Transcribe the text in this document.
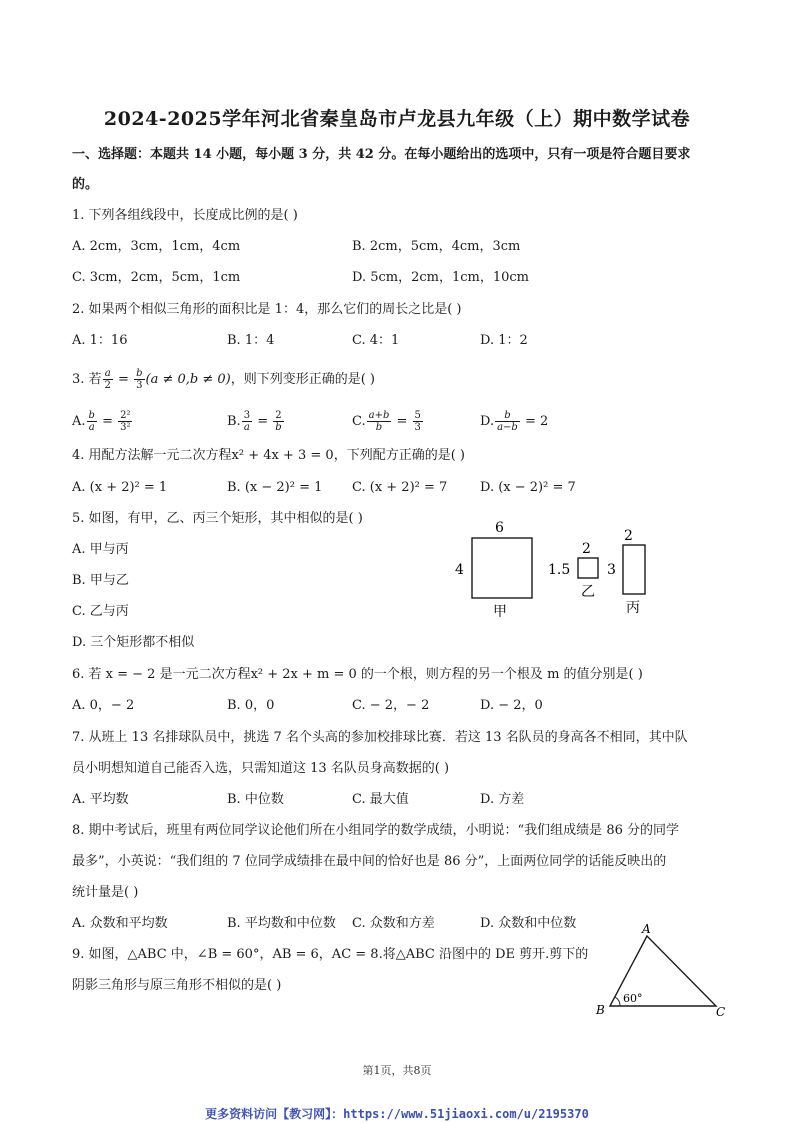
2024-2025学年河北省秦皇岛市卢龙县九年级（上）期中数学试卷
一、选择题：本题共 14 小题，每小题 3 分，共 42 分。在每小题给出的选项中，只有一项是符合题目要求
的。
1. 下列各组线段中，长度成比例的是( )
A. 2cm，3cm，1cm，4cm	B. 2cm，5cm，4cm，3cm
C. 3cm，2cm，5cm，1cm	D. 5cm，2cm，1cm，10cm
2. 如果两个相似三角形的面积比是 1：4，那么它们的周长之比是( )
A. 1：16	B. 1：4	C. 4：1	D. 1：2
3. 若 $\frac{a}{2} = \frac{b}{3} (a \ne 0,b \ne 0)$，则下列变形正确的是( )
A. $\frac{b}{a} = \frac{\text{2²}}{\text{3²}}$	B. $\frac{3}{a} = \frac{2}{b}$	C. $\frac{a+b}{b} = \frac{5}{3}$	D. $\frac{b}{a-b} = 2$
4. 用配方法解一元二次方程x² + 4x + 3 = 0，下列配方正确的是( )
A. (x + 2)² = 1	B. (x − 2)² = 1 C. (x + 2)² = 7	D. (x − 2)² = 7
5. 如图，有甲，乙、丙三个矩形，其中相似的是( )
A. 甲与丙
B. 甲与乙
C. 乙与丙
D. 三个矩形都不相似
6
4
甲
2
1.5
乙
2
3
丙
6. 若 x = − 2 是一元二次方程x² + 2x + m = 0 的一个根，则方程的另一个根及 m 的值分别是( )
A. 0，− 2	B. 0，0	C. − 2，− 2	D. − 2，0
7. 从班上 13 名排球队员中，挑选 7 名个头高的参加校排球比赛．若这 13 名队员的身高各不相同，其中队
员小明想知道自己能否入选，只需知道这 13 名队员身高数据的( )
A. 平均数	B. 中位数	C. 最大值	D. 方差
8. 期中考试后，班里有两位同学议论他们所在小组同学的数学成绩，小明说：“我们组成绩是 86 分的同学
最多”，小英说：“我们组的 7 位同学成绩排在最中间的恰好也是 86 分”，上面两位同学的话能反映出的
统计量是( )
A. 众数和平均数	B. 平均数和中位数 C. 众数和方差	D. 众数和中位数
9. 如图，△ABC 中，∠B = 60°，AB = 6，AC = 8.将△ABC 沿图中的 DE 剪开.剪下的
阴影三角形与原三角形不相似的是( )
A
B	C
60°
第1页，共8页
更多资料访问【教习网】：https://www.51jiaoxi.com/u/2195370
